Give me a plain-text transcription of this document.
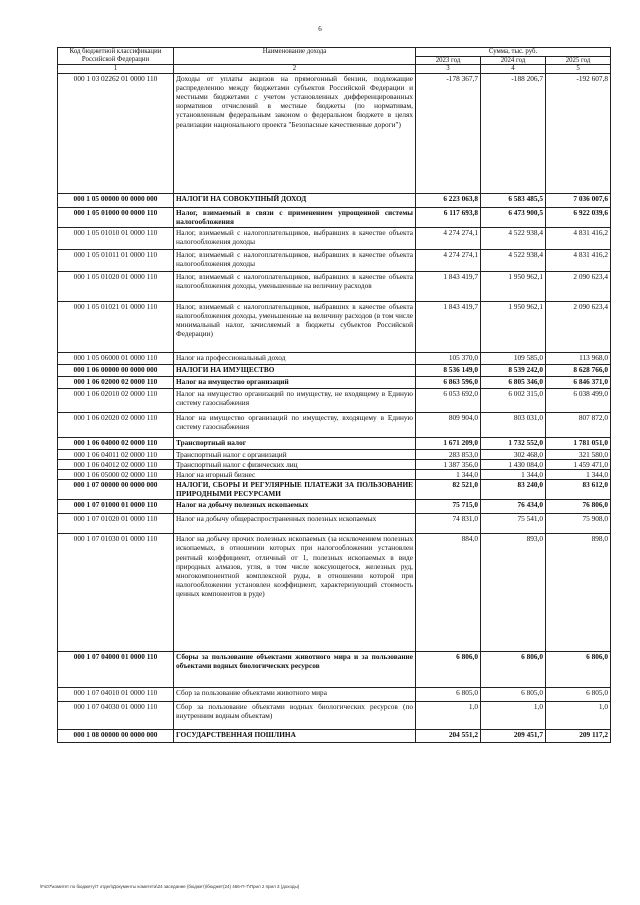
6
Код бюджетной классификации Российской Федерации	Наименование дохода	Сумма, тыс. руб.		
		2023 год	2024 год	2025 год
1	2	3	4	5
000 1 03 02262 01 0000 110	Доходы от уплаты акцизов на прямогонный бензин, подлежащие распределению между бюджетами субъектов Российской Федерации и местными бюджетами с учетом установленных дифференцированных нормативов отчислений в местные бюджеты (по нормативам, установленным федеральным законом о федеральном бюджете в целях реализации национального проекта "Безопасные качественные дороги")	-178 367,7	-188 206,7	-192 607,8
000 1 05 00000 00 0000 000	НАЛОГИ НА СОВОКУПНЫЙ ДОХОД	6 223 063,8	6 583 485,5	7 036 007,6
000 1 05 01000 00 0000 110	Налог, взимаемый в связи с применением упрощенной системы налогообложения	6 117 693,8	6 473 900,5	6 922 039,6
000 1 05 01010 01 0000 110	Налог, взимаемый с налогоплательщиков, выбравших в качестве объекта налогообложения доходы	4 274 274,1	4 522 938,4	4 831 416,2
000 1 05 01011 01 0000 110	Налог, взимаемый с налогоплательщиков, выбравших в качестве объекта налогообложения доходы	4 274 274,1	4 522 938,4	4 831 416,2
000 1 05 01020 01 0000 110	Налог, взимаемый с налогоплательщиков, выбравших в качестве объекта налогообложения доходы, уменьшенные на величину расходов	1 843 419,7	1 950 962,1	2 090 623,4
000 1 05 01021 01 0000 110	Налог, взимаемый с налогоплательщиков, выбравших в качестве объекта налогообложения доходы, уменьшенные на величину расходов (в том числе минимальный налог, зачисляемый в бюджеты субъектов Российской Федерации)	1 843 419,7	1 950 962,1	2 090 623,4
000 1 05 06000 01 0000 110	Налог на профессиональный доход	105 370,0	109 585,0	113 968,0
000 1 06 00000 00 0000 000	НАЛОГИ НА ИМУЩЕСТВО	8 536 149,0	8 539 242,0	8 628 766,0
000 1 06 02000 02 0000 110	Налог на имущество организаций	6 863 596,0	6 805 346,0	6 846 371,0
000 1 06 02010 02 0000 110	Налог на имущество организаций по имуществу, не входящему в Единую систему газоснабжения	6 053 692,0	6 002 315,0	6 038 499,0
000 1 06 02020 02 0000 110	Налог на имущество организаций по имуществу, входящему в Единую систему газоснабжения	809 904,0	803 031,0	807 872,0
000 1 06 04000 02 0000 110	Транспортный налог	1 671 209,0	1 732 552,0	1 781 051,0
000 1 06 04011 02 0000 110	Транспортный налог с организаций	283 853,0	302 468,0	321 580,0
000 1 06 04012 02 0000 110	Транспортный налог с физических лиц	1 387 356,0	1 430 084,0	1 459 471,0
000 1 06 05000 02 0000 110	Налог на игорный бизнес	1 344,0	1 344,0	1 344,0
000 1 07 00000 00 0000 000	НАЛОГИ, СБОРЫ И РЕГУЛЯРНЫЕ ПЛАТЕЖИ ЗА ПОЛЬЗОВАНИЕ ПРИРОДНЫМИ РЕСУРСАМИ	82 521,0	83 240,0	83 612,0
000 1 07 01000 01 0000 110	Налог на добычу полезных ископаемых	75 715,0	76 434,0	76 806,0
000 1 07 01020 01 0000 110	Налог на добычу общераспространенных полезных ископаемых	74 831,0	75 541,0	75 908,0
000 1 07 01030 01 0000 110	Налог на добычу прочих полезных ископаемых (за исключением полезных ископаемых, в отношении которых при налогообложении установлен рентный коэффициент, отличный от 1, полезных ископаемых в виде природных алмазов, угля, в том числе коксующегося, железных руд, многокомпонентной комплексной руды, в отношении которой при налогообложении установлен коэффициент, характеризующий стоимость ценных компонентов в руде)	884,0	893,0	898,0
000 1 07 04000 01 0000 110	Сборы за пользование объектами животного мира и за пользование объектами водных биологических ресурсов	6 806,0	6 806,0	6 806,0
000 1 07 04010 01 0000 110	Сбор за пользование объектами животного мира	6 805,0	6 805,0	6 805,0
000 1 07 04030 01 0000 110	Сбор за пользование объектами водных биологических ресурсов (по внутренним водным объектам)	1,0	1,0	1,0
000 1 08 00000 00 0000 000	ГОСУДАРСТВЕННАЯ ПОШЛИНА	204 551,2	209 451,7	209 117,2
\Fs07\комитет по бюджету\7 отдел\Документы комитета\24 заседание (бюджет)\бюджет(24) 466-П-7\Прил 2 прил 3 (доходы)
